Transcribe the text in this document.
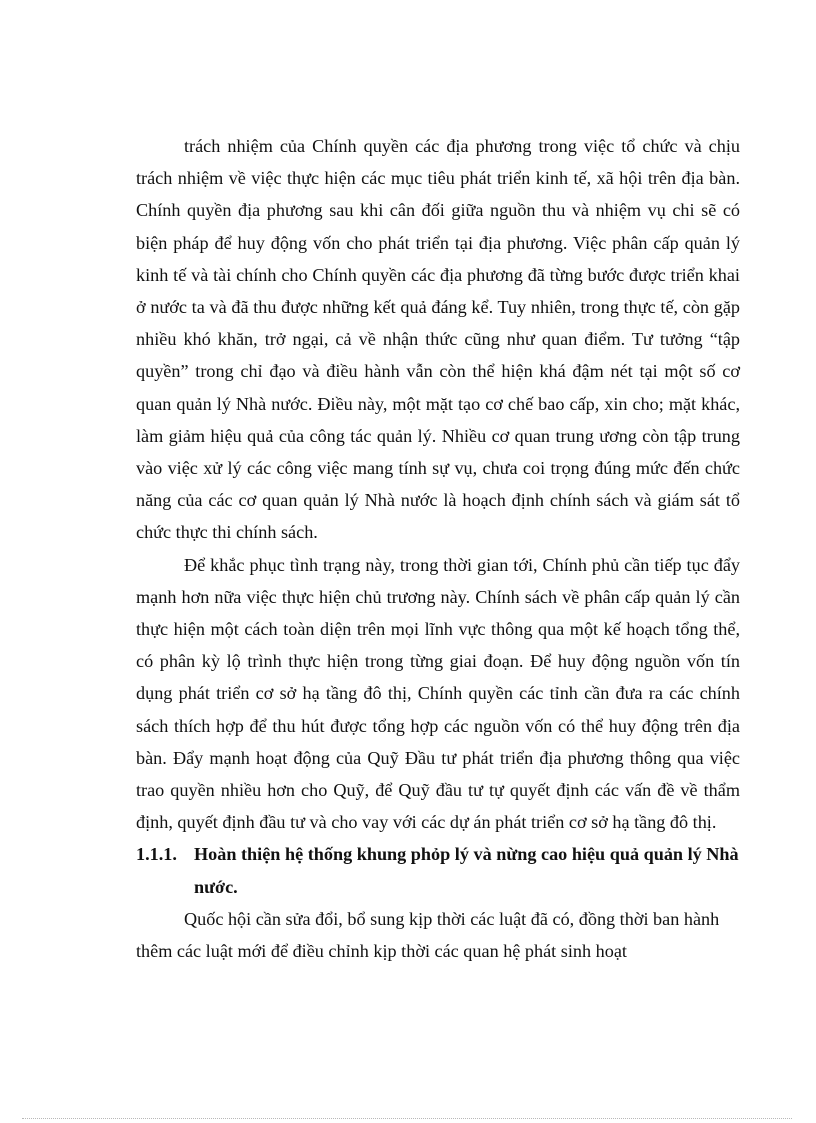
trách nhiệm của Chính quyền các địa phương trong việc tổ chức và chịu trách nhiệm về việc thực hiện các mục tiêu phát triển kinh tế, xã hội trên địa bàn. Chính quyền địa phương sau khi cân đối giữa nguồn thu và nhiệm vụ chi sẽ có biện pháp để huy động vốn cho phát triển tại địa phương. Việc phân cấp quản lý kinh tế và tài chính cho Chính quyền các địa phương đã từng bước được triển khai ở nước ta và đã thu được những kết quả đáng kể. Tuy nhiên, trong thực tế, còn gặp nhiều khó khăn, trở ngại, cả về nhận thức cũng như quan điểm. Tư tưởng “tập quyền” trong chỉ đạo và điều hành vẫn còn thể hiện khá đậm nét tại một số cơ quan quản lý Nhà nước. Điều này, một mặt tạo cơ chế bao cấp, xin cho; mặt khác, làm giảm hiệu quả của công tác quản lý. Nhiều cơ quan trung ương còn tập trung vào việc xử lý các công việc mang tính sự vụ, chưa coi trọng đúng mức đến chức năng của các cơ quan quản lý Nhà nước là hoạch định chính sách và giám sát tổ chức thực thi chính sách.

Để khắc phục tình trạng này, trong thời gian tới, Chính phủ cần tiếp tục đẩy mạnh hơn nữa việc thực hiện chủ trương này. Chính sách về phân cấp quản lý cần thực hiện một cách toàn diện trên mọi lĩnh vực thông qua một kế hoạch tổng thể, có phân kỳ lộ trình thực hiện trong từng giai đoạn. Để huy động nguồn vốn tín dụng phát triển cơ sở hạ tầng đô thị, Chính quyền các tỉnh cần đưa ra các chính sách thích hợp để thu hút được tổng hợp các nguồn vốn có thể huy động trên địa bàn. Đẩy mạnh hoạt động của Quỹ Đầu tư phát triển địa phương thông qua việc trao quyền nhiều hơn cho Quỹ, để Quỹ đầu tư tự quyết định các vấn đề về thẩm định, quyết định đầu tư và cho vay với các dự án phát triển cơ sở hạ tầng đô thị.

1.1.1. Hoàn thiện hệ thống khung phỏp lý và nừng cao hiệu quả quản lý Nhà nước.

Quốc hội cần sửa đổi, bổ sung kịp thời các luật đã có, đồng thời ban hành thêm các luật mới để điều chỉnh kịp thời các quan hệ phát sinh hoạt
